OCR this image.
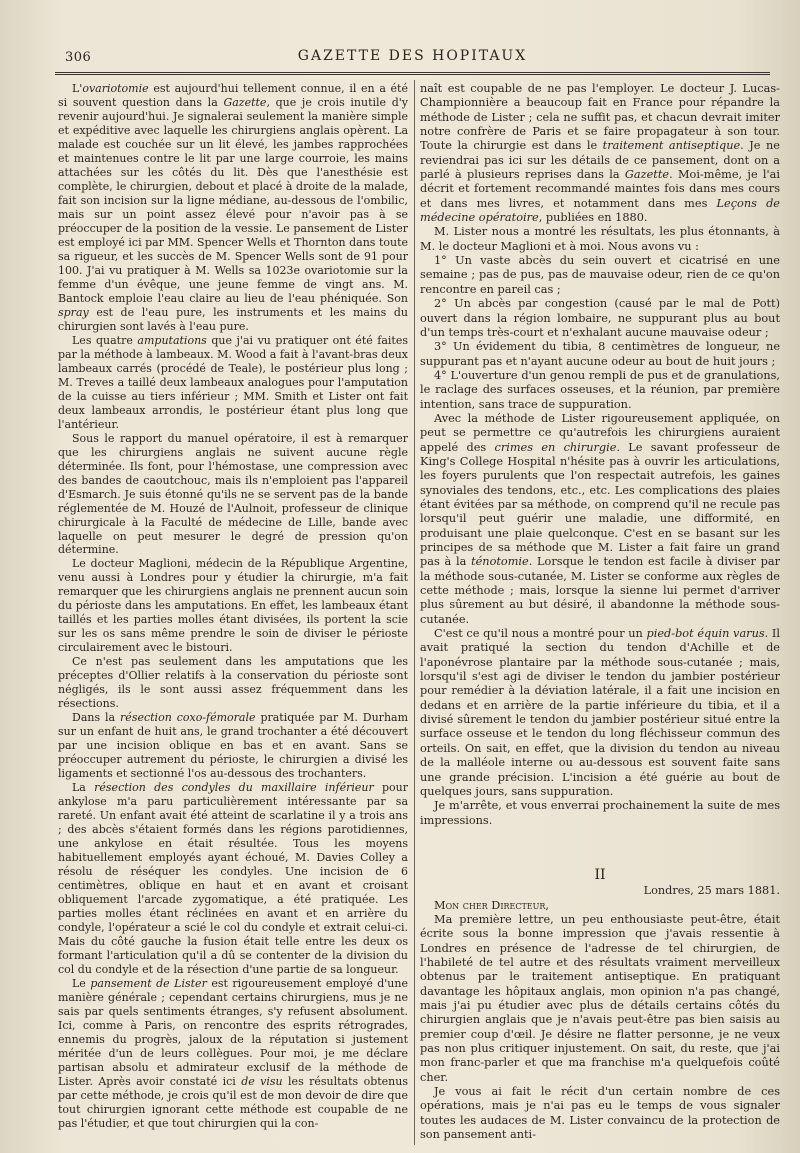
306	GAZETTE DES HOPITAUX

L'ovariotomie est aujourd'hui tellement connue, il en a été si souvent question dans la Gazette, que je crois inutile d'y revenir aujourd'hui. Je signalerai seulement la manière simple et expéditive avec laquelle les chirurgiens anglais opèrent. La malade est couchée sur un lit élevé, les jambes rapprochées et maintenues contre le lit par une large courroie, les mains attachées sur les côtés du lit. Dès que l'anesthésie est complète, le chirurgien, debout et placé à droite de la malade, fait son incision sur la ligne médiane, au-dessous de l'ombilic, mais sur un point assez élevé pour n'avoir pas à se préoccuper de la position de la vessie. Le pansement de Lister est employé ici par MM. Spencer Wells et Thornton dans toute sa rigueur, et les succès de M. Spencer Wells sont de 91 pour 100. J'ai vu pratiquer à M. Wells sa 1023e ovariotomie sur la femme d'un évêque, une jeune femme de vingt ans. M. Bantock emploie l'eau claire au lieu de l'eau phéniquée. Son spray est de l'eau pure, les instruments et les mains du chirurgien sont lavés à l'eau pure.

Les quatre amputations que j'ai vu pratiquer ont été faites par la méthode à lambeaux. M. Wood a fait à l'avant-bras deux lambeaux carrés (procédé de Teale), le postérieur plus long ; M. Treves a taillé deux lambeaux analogues pour l'amputation de la cuisse au tiers inférieur ; MM. Smith et Lister ont fait deux lambeaux arrondis, le postérieur étant plus long que l'antérieur.

Sous le rapport du manuel opératoire, il est à remarquer que les chirurgiens anglais ne suivent aucune règle déterminée. Ils font, pour l'hémostase, une compression avec des bandes de caoutchouc, mais ils n'emploient pas l'appareil d'Esmarch. Je suis étonné qu'ils ne se servent pas de la bande réglementée de M. Houzé de l'Aulnoit, professeur de clinique chirurgicale à la Faculté de médecine de Lille, bande avec laquelle on peut mesurer le degré de pression qu'on détermine.

Le docteur Maglioni, médecin de la République Argentine, venu aussi à Londres pour y étudier la chirurgie, m'a fait remarquer que les chirurgiens anglais ne prennent aucun soin du périoste dans les amputations. En effet, les lambeaux étant taillés et les parties molles étant divisées, ils portent la scie sur les os sans même prendre le soin de diviser le périoste circulairement avec le bistouri.

Ce n'est pas seulement dans les amputations que les préceptes d'Ollier relatifs à la conservation du périoste sont négligés, ils le sont aussi assez fréquemment dans les résections.

Dans la résection coxo-fémorale pratiquée par M. Durham sur un enfant de huit ans, le grand trochanter a été découvert par une incision oblique en bas et en avant. Sans se préoccuper autrement du périoste, le chirurgien a divisé les ligaments et sectionné l'os au-dessous des trochanters.

La résection des condyles du maxillaire inférieur pour ankylose m'a paru particulièrement intéressante par sa rareté. Un enfant avait été atteint de scarlatine il y a trois ans ; des abcès s'étaient formés dans les régions parotidiennes, une ankylose en était résultée. Tous les moyens habituellement employés ayant échoué, M. Davies Colley a résolu de réséquer les condyles. Une incision de 6 centimètres, oblique en haut et en avant et croisant obliquement l'arcade zygomatique, a été pratiquée. Les parties molles étant réclinées en avant et en arrière du condyle, l'opérateur a scié le col du condyle et extrait celui-ci. Mais du côté gauche la fusion était telle entre les deux os formant l'articulation qu'il a dû se contenter de la division du col du condyle et de la résection d'une partie de sa longueur.

Le pansement de Lister est rigoureusement employé d'une manière générale ; cependant certains chirurgiens, mus je ne sais par quels sentiments étranges, s'y refusent absolument. Ici, comme à Paris, on rencontre des esprits rétrogrades, ennemis du progrès, jaloux de la réputation si justement méritée d'un de leurs collègues. Pour moi, je me déclare partisan absolu et admirateur exclusif de la méthode de Lister. Après avoir constaté ici de visu les résultats obtenus par cette méthode, je crois qu'il est de mon devoir de dire que tout chirurgien ignorant cette méthode est coupable de ne pas l'étudier, et que tout chirurgien qui la con-

naît est coupable de ne pas l'employer. Le docteur J. Lucas-Championnière a beaucoup fait en France pour répandre la méthode de Lister ; cela ne suffit pas, et chacun devrait imiter notre confrère de Paris et se faire propagateur à son tour. Toute la chirurgie est dans le traitement antiseptique. Je ne reviendrai pas ici sur les détails de ce pansement, dont on a parlé à plusieurs reprises dans la Gazette. Moi-même, je l'ai décrit et fortement recommandé maintes fois dans mes cours et dans mes livres, et notamment dans mes Leçons de médecine opératoire, publiées en 1880.

M. Lister nous a montré les résultats, les plus étonnants, à M. le docteur Maglioni et à moi. Nous avons vu :

1° Un vaste abcès du sein ouvert et cicatrisé en une semaine ; pas de pus, pas de mauvaise odeur, rien de ce qu'on rencontre en pareil cas ;

2° Un abcès par congestion (causé par le mal de Pott) ouvert dans la région lombaire, ne suppurant plus au bout d'un temps très-court et n'exhalant aucune mauvaise odeur ;

3° Un évidement du tibia, 8 centimètres de longueur, ne suppurant pas et n'ayant aucune odeur au bout de huit jours ;

4° L'ouverture d'un genou rempli de pus et de granulations, le raclage des surfaces osseuses, et la réunion, par première intention, sans trace de suppuration.

Avec la méthode de Lister rigoureusement appliquée, on peut se permettre ce qu'autrefois les chirurgiens auraient appelé des crimes en chirurgie. Le savant professeur de King's College Hospital n'hésite pas à ouvrir les articulations, les foyers purulents que l'on respectait autrefois, les gaines synoviales des tendons, etc., etc. Les complications des plaies étant évitées par sa méthode, on comprend qu'il ne recule pas lorsqu'il peut guérir une maladie, une difformité, en produisant une plaie quelconque. C'est en se basant sur les principes de sa méthode que M. Lister a fait faire un grand pas à la ténotomie. Lorsque le tendon est facile à diviser par la méthode sous-cutanée, M. Lister se conforme aux règles de cette méthode ; mais, lorsque la sienne lui permet d'arriver plus sûrement au but désiré, il abandonne la méthode sous-cutanée.

C'est ce qu'il nous a montré pour un pied-bot équin varus. Il avait pratiqué la section du tendon d'Achille et de l'aponévrose plantaire par la méthode sous-cutanée ; mais, lorsqu'il s'est agi de diviser le tendon du jambier postérieur pour remédier à la déviation latérale, il a fait une incision en dedans et en arrière de la partie inférieure du tibia, et il a divisé sûrement le tendon du jambier postérieur situé entre la surface osseuse et le tendon du long fléchisseur commun des orteils. On sait, en effet, que la division du tendon au niveau de la malléole interne ou au-dessous est souvent faite sans une grande précision. L'incision a été guérie au bout de quelques jours, sans suppuration.

Je m'arrête, et vous enverrai prochainement la suite de mes impressions.

II

Londres, 25 mars 1881.

Mon cher Directeur,

Ma première lettre, un peu enthousiaste peut-être, était écrite sous la bonne impression que j'avais ressentie à Londres en présence de l'adresse de tel chirurgien, de l'habileté de tel autre et des résultats vraiment merveilleux obtenus par le traitement antiseptique. En pratiquant davantage les hôpitaux anglais, mon opinion n'a pas changé, mais j'ai pu étudier avec plus de détails certains côtés du chirurgien anglais que je n'avais peut-être pas bien saisis au premier coup d'œil. Je désire ne flatter personne, je ne veux pas non plus critiquer injustement. On sait, du reste, que j'ai mon franc-parler et que ma franchise m'a quelquefois coûté cher.

Je vous ai fait le récit d'un certain nombre de ces opérations, mais je n'ai pas eu le temps de vous signaler toutes les audaces de M. Lister convaincu de la protection de son pansement anti-
